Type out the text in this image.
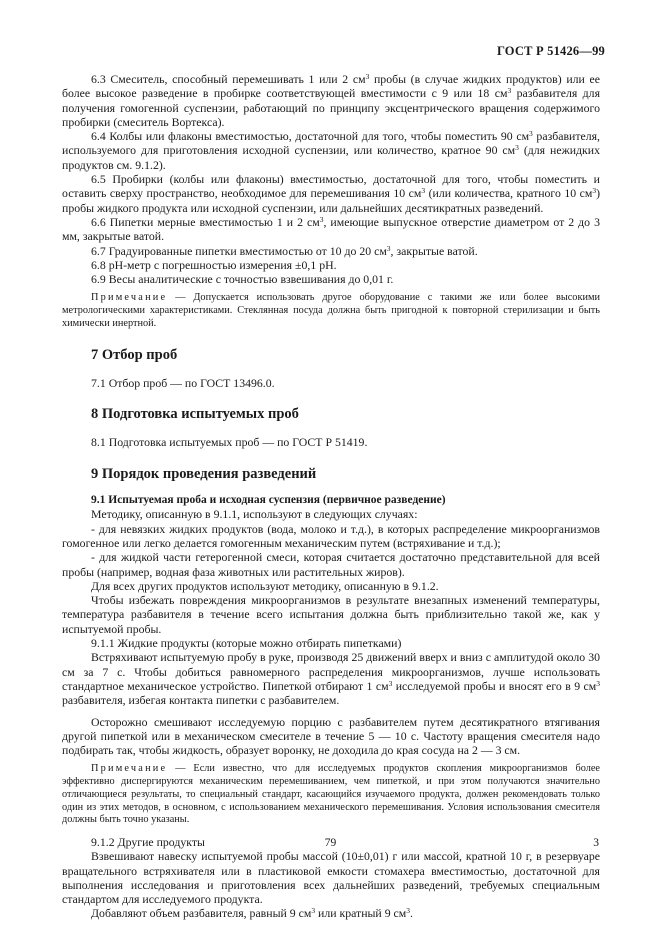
ГОСТ Р 51426—99

6.3 Смеситель, способный перемешивать 1 или 2 $см^3$ пробы (в случае жидких продуктов) или ее более высокое разведение в пробирке соответствующей вместимости с 9 или 18 $см^3$ разбавителя для получения гомогенной суспензии, работающий по принципу эксцентрического вращения содержимого пробирки (смеситель Вортекса).

6.4 Колбы или флаконы вместимостью, достаточной для того, чтобы поместить 90 $см^3$ разбавителя, используемого для приготовления исходной суспензии, или количество, кратное 90 $см^3$ (для нежидких продуктов см. 9.1.2).

6.5 Пробирки (колбы или флаконы) вместимостью, достаточной для того, чтобы поместить и оставить сверху пространство, необходимое для перемешивания 10 $см^3$ (или количества, кратного 10 $см^3$) пробы жидкого продукта или исходной суспензии, или дальнейших десятикратных разведений.

6.6 Пипетки мерные вместимостью 1 и 2 $см^3$, имеющие выпускное отверстие диаметром от 2 до 3 мм, закрытые ватой.

6.7 Градуированные пипетки вместимостью от 10 до 20 $см^3$, закрытые ватой.

6.8 pH-метр с погрешностью измерения ±0,1 pH.

6.9 Весы аналитические с точностью взвешивания до 0,01 г.

Примечание — Допускается использовать другое оборудование с такими же или более высокими метрологическими характеристиками. Стеклянная посуда должна быть пригодной к повторной стерилизации и быть химически инертной.

7 Отбор проб

7.1 Отбор проб — по ГОСТ 13496.0.

8 Подготовка испытуемых проб

8.1 Подготовка испытуемых проб — по ГОСТ Р 51419.

9 Порядок проведения разведений

9.1 Испытуемая проба и исходная суспензия (первичное разведение)

Методику, описанную в 9.1.1, используют в следующих случаях:

- для невязких жидких продуктов (вода, молоко и т.д.), в которых распределение микроорганизмов гомогенное или легко делается гомогенным механическим путем (встряхивание и т.д.);

- для жидкой части гетерогенной смеси, которая считается достаточно представительной для всей пробы (например, водная фаза животных или растительных жиров).

Для всех других продуктов используют методику, описанную в 9.1.2.

Чтобы избежать повреждения микроорганизмов в результате внезапных изменений температуры, температура разбавителя в течение всего испытания должна быть приблизительно такой же, как у испытуемой пробы.

9.1.1 Жидкие продукты (которые можно отбирать пипетками)

Встряхивают испытуемую пробу в руке, производя 25 движений вверх и вниз с амплитудой около 30 см за 7 с. Чтобы добиться равномерного распределения микроорганизмов, лучше использовать стандартное механическое устройство. Пипеткой отбирают 1 $см^3$ исследуемой пробы и вносят его в 9 $см^3$ разбавителя, избегая контакта пипетки с разбавителем.

Осторожно смешивают исследуемую порцию с разбавителем путем десятикратного втягивания другой пипеткой или в механическом смесителе в течение 5 — 10 с. Частоту вращения смесителя надо подбирать так, чтобы жидкость, образует воронку, не доходила до края сосуда на 2 — 3 см.

Примечание — Если известно, что для исследуемых продуктов скопления микроорганизмов более эффективно диспергируются механическим перемешиванием, чем пипеткой, и при этом получаются значительно отличающиеся результаты, то специальный стандарт, касающийся изучаемого продукта, должен рекомендовать только один из этих методов, в основном, с использованием механического перемешивания. Условия использования смесителя должны быть точно указаны.

9.1.2 Другие продукты

Взвешивают навеску испытуемой пробы массой (10±0,01) г или массой, кратной 10 г, в резервуаре вращательного встряхивателя или в пластиковой емкости стомахера вместимостью, достаточной для выполнения исследования и приготовления всех дальнейших разведений, требуемых специальным стандартом для исследуемого продукта.

Добавляют объем разбавителя, равный 9 $см^3$ или кратный 9 $см^3$.

79	3
